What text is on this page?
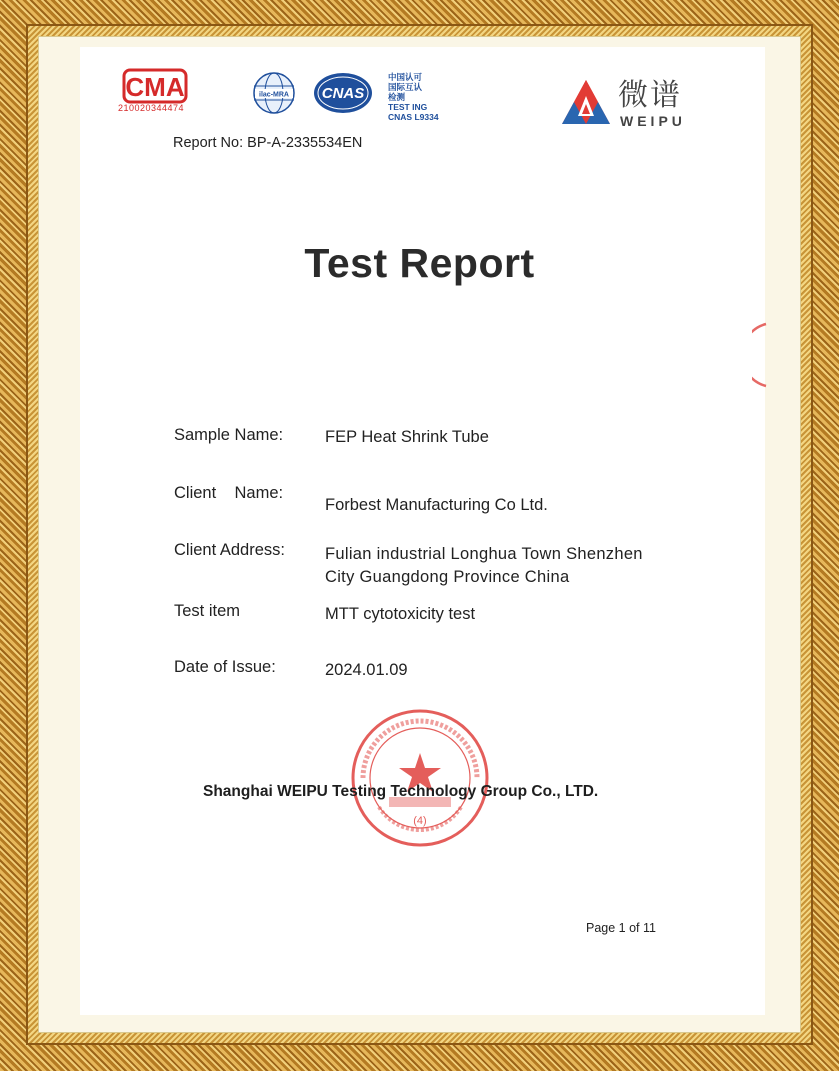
CMA
210020344474
ilac-MRA CNAS
中国认可
国际互认
检测
TEST ING
CNAS L9334
微谱
WEIPU
Report No: BP-A-2335534EN
Test Report
Sample Name:	FEP Heat Shrink Tube
Client    Name:
Forbest Manufacturing Co Ltd.
Client Address: Fulian industrial Longhua Town Shenzhen
City Guangdong Province China
Test item	MTT cytotoxicity test
Date of Issue:	2024.01.09
(4)
Shanghai WEIPU Testing Technology Group Co., LTD.
Page 1 of 11
